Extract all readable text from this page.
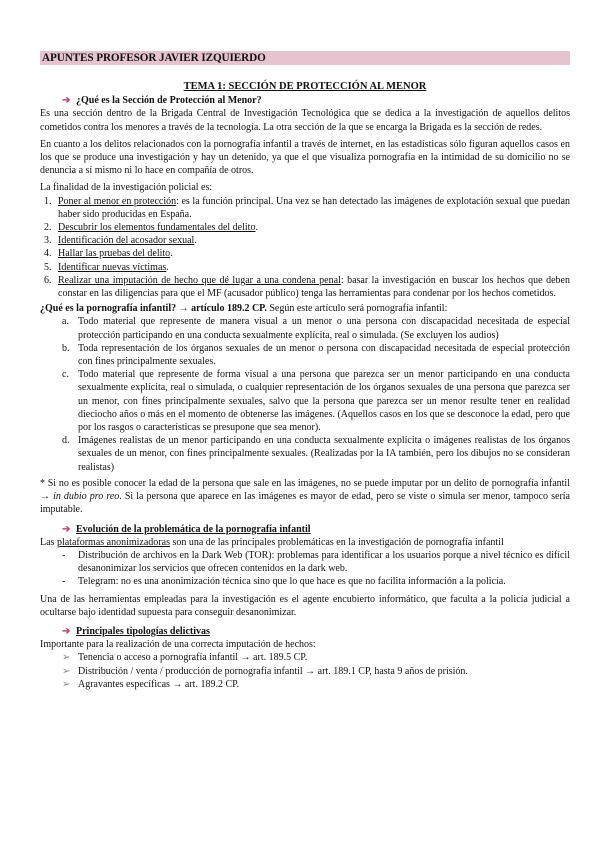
APUNTES PROFESOR JAVIER IZQUIERDO
TEMA 1: SECCIÓN DE PROTECCIÓN AL MENOR
➔ ¿Qué es la Sección de Protección al Menor?

Es una sección dentro de la Brigada Central de Investigación Tecnológica que se dedica a la investigación de aquellos delitos cometidos contra los menores a través de la tecnología. La otra sección de la que se encarga la Brigada es la sección de redes.

En cuanto a los delitos relacionados con la pornografía infantil a través de internet, en las estadísticas sólo figuran aquellos casos en los que se produce una investigación y hay un detenido, ya que el que visualiza pornografía en la intimidad de su domicilio no se denuncia a sí mismo ni lo hace en compañía de otros.

La finalidad de la investigación policial es:

1. Poner al menor en protección: es la función principal. Una vez se han detectado las imágenes de explotación sexual que puedan haber sido producidas en España.
2. Descubrir los elementos fundamentales del delito.
3. Identificación del acosador sexual.
4. Hallar las pruebas del delito.
5. Identificar nuevas víctimas.
6. Realizar una imputación de hecho que dé lugar a una condena penal: basar la investigación en buscar los hechos que deben constar en las diligencias para que el MF (acusador público) tenga las herramientas para condenar por los hechos cometidos.

¿Qué es la pornografía infantil? → artículo 189.2 CP. Según este artículo será pornografía infantil:

a. Todo material que represente de manera visual a un menor o una persona con discapacidad necesitada de especial protección participando en una conducta sexualmente explícita, real o simulada. (Se excluyen los audios)
b. Toda representación de los órganos sexuales de un menor o persona con discapacidad necesitada de especial protección con fines principalmente sexuales.
c. Todo material que represente de forma visual a una persona que parezca ser un menor participando en una conducta sexualmente explícita, real o simulada, o cualquier representación de los órganos sexuales de una persona que parezca ser un menor, con fines principalmente sexuales, salvo que la persona que parezca ser un menor resulte tener en realidad dieciocho años o más en el momento de obtenerse las imágenes. (Aquellos casos en los que se desconoce la edad, pero que por los rasgos o características se presupone que sea menor).
d. Imágenes realistas de un menor participando en una conducta sexualmente explícita o imágenes realistas de los órganos sexuales de un menor, con fines principalmente sexuales. (Realizadas por la IA también, pero los dibujos no se consideran realistas)

* Si no es posible conocer la edad de la persona que sale en las imágenes, no se puede imputar por un delito de pornografía infantil → in dubio pro reo. Si la persona que aparece en las imágenes es mayor de edad, pero se viste o simula ser menor, tampoco sería imputable.

➔ Evolución de la problemática de la pornografía infantil

Las plataformas anonimizadoras son una de las principales problemáticas en la investigación de pornografía infantil

-	Distribución de archivos en la Dark Web (TOR): problemas para identificar a los usuarios porque a nivel técnico es difícil desanonimizar los servicios que ofrecen contenidos en la dark web.
-	Telegram: no es una anonimización técnica sino que lo que hace es que no facilita información a la policía.

Una de las herramientas empleadas para la investigación es el agente encubierto informático, que faculta a la policía judicial a ocultarse bajo identidad supuesta para conseguir desanonimizar.

➔ Principales tipologías delictivas

Importante para la realización de una correcta imputación de hechos:

➢ Tenencia o acceso a pornografía infantil → art. 189.5 CP.
➢ Distribución / venta / producción de pornografía infantil → art. 189.1 CP, hasta 9 años de prisión.
➢ Agravantes específicas → art. 189.2 CP.
